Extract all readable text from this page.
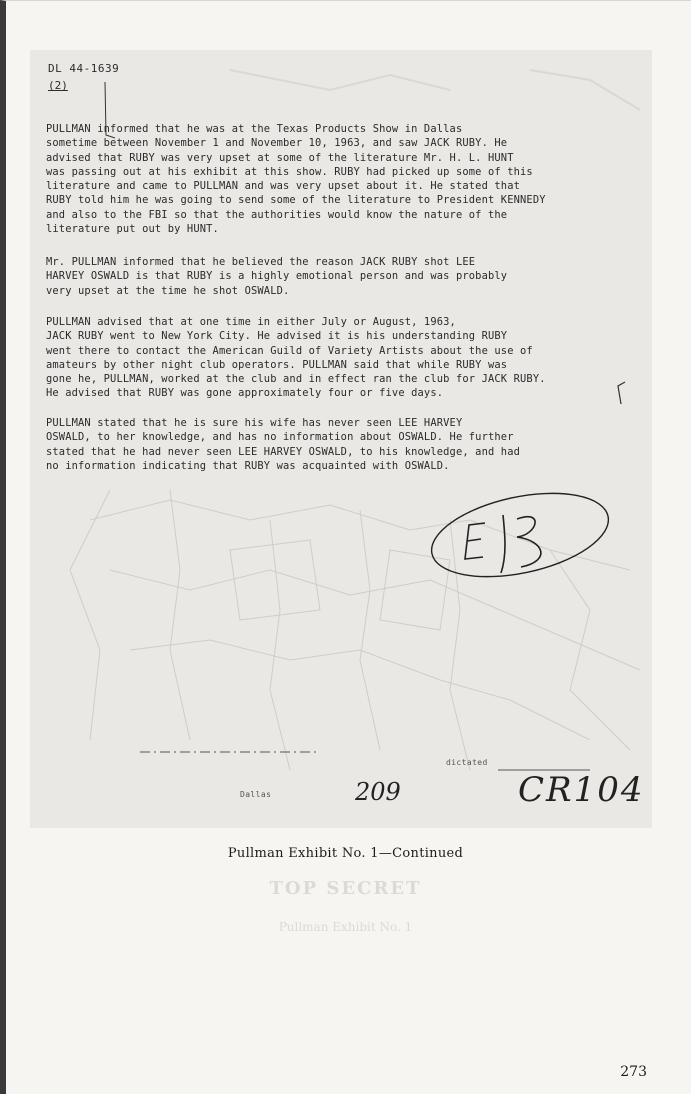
DL 44-1639
(2)

PULLMAN informed that he was at the Texas Products Show in Dallas
sometime between November 1 and November 10, 1963, and saw JACK RUBY. He
advised that RUBY was very upset at some of the literature Mr. H. L. HUNT
was passing out at his exhibit at this show. RUBY had picked up some of this
literature and came to PULLMAN and was very upset about it. He stated that
RUBY told him he was going to send some of the literature to President KENNEDY
and also to the FBI so that the authorities would know the nature of the
literature put out by HUNT.

Mr. PULLMAN informed that he believed the reason JACK RUBY shot LEE
HARVEY OSWALD is that RUBY is a highly emotional person and was probably
very upset at the time he shot OSWALD.

PULLMAN advised that at one time in either July or August, 1963,
JACK RUBY went to New York City. He advised it is his understanding RUBY
went there to contact the American Guild of Variety Artists about the use of
amateurs by other night club operators. PULLMAN said that while RUBY was
gone he, PULLMAN, worked at the club and in effect ran the club for JACK RUBY.
He advised that RUBY was gone approximately four or five days.

PULLMAN stated that he is sure his wife has never seen LEE HARVEY
OSWALD, to her knowledge, and has no information about OSWALD. He further
stated that he had never seen LEE HARVEY OSWALD, to his knowledge, and had
no information indicating that RUBY was acquainted with OSWALD.

dictated
Dallas	209	CR104
Pullman Exhibit No. 1—Continued
TOP SECRET
Pullman Exhibit No. 1
273
